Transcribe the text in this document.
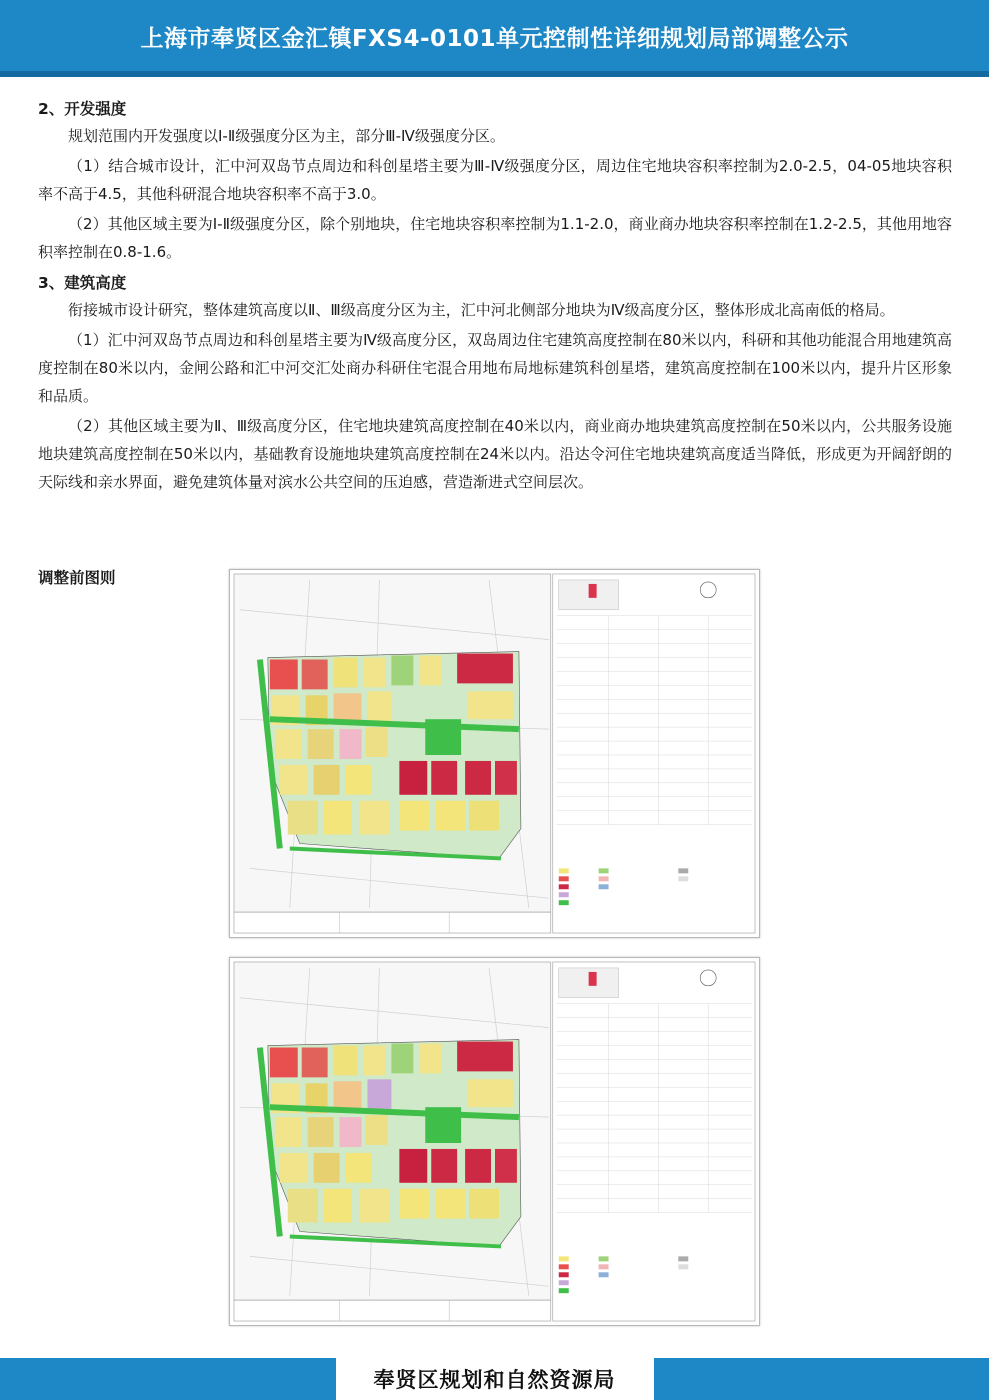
上海市奉贤区金汇镇FXS4-0101单元控制性详细规划局部调整公示
2、开发强度

规划范围内开发强度以Ⅰ-Ⅱ级强度分区为主，部分Ⅲ-Ⅳ级强度分区。

（1）结合城市设计，汇中河双岛节点周边和科创星塔主要为Ⅲ-Ⅳ级强度分区，周边住宅地块容积率控制为2.0-2.5，04-05地块容积率不高于4.5，其他科研混合地块容积率不高于3.0。

（2）其他区域主要为Ⅰ-Ⅱ级强度分区，除个别地块，住宅地块容积率控制为1.1-2.0，商业商办地块容积率控制在1.2-2.5，其他用地容积率控制在0.8-1.6。

3、建筑高度

衔接城市设计研究，整体建筑高度以Ⅱ、Ⅲ级高度分区为主，汇中河北侧部分地块为Ⅳ级高度分区，整体形成北高南低的格局。

（1）汇中河双岛节点周边和科创星塔主要为Ⅳ级高度分区，双岛周边住宅建筑高度控制在80米以内，科研和其他功能混合用地建筑高度控制在80米以内，金闸公路和汇中河交汇处商办科研住宅混合用地布局地标建筑科创星塔，建筑高度控制在100米以内，提升片区形象和品质。

（2）其他区域主要为Ⅱ、Ⅲ级高度分区，住宅地块建筑高度控制在40米以内，商业商办地块建筑高度控制在50米以内，公共服务设施地块建筑高度控制在50米以内，基础教育设施地块建筑高度控制在24米以内。沿达令河住宅地块建筑高度适当降低，形成更为开阔舒朗的天际线和亲水界面，避免建筑体量对滨水公共空间的压迫感，营造渐进式空间层次。

调整前图则
奉贤区规划和自然资源局
